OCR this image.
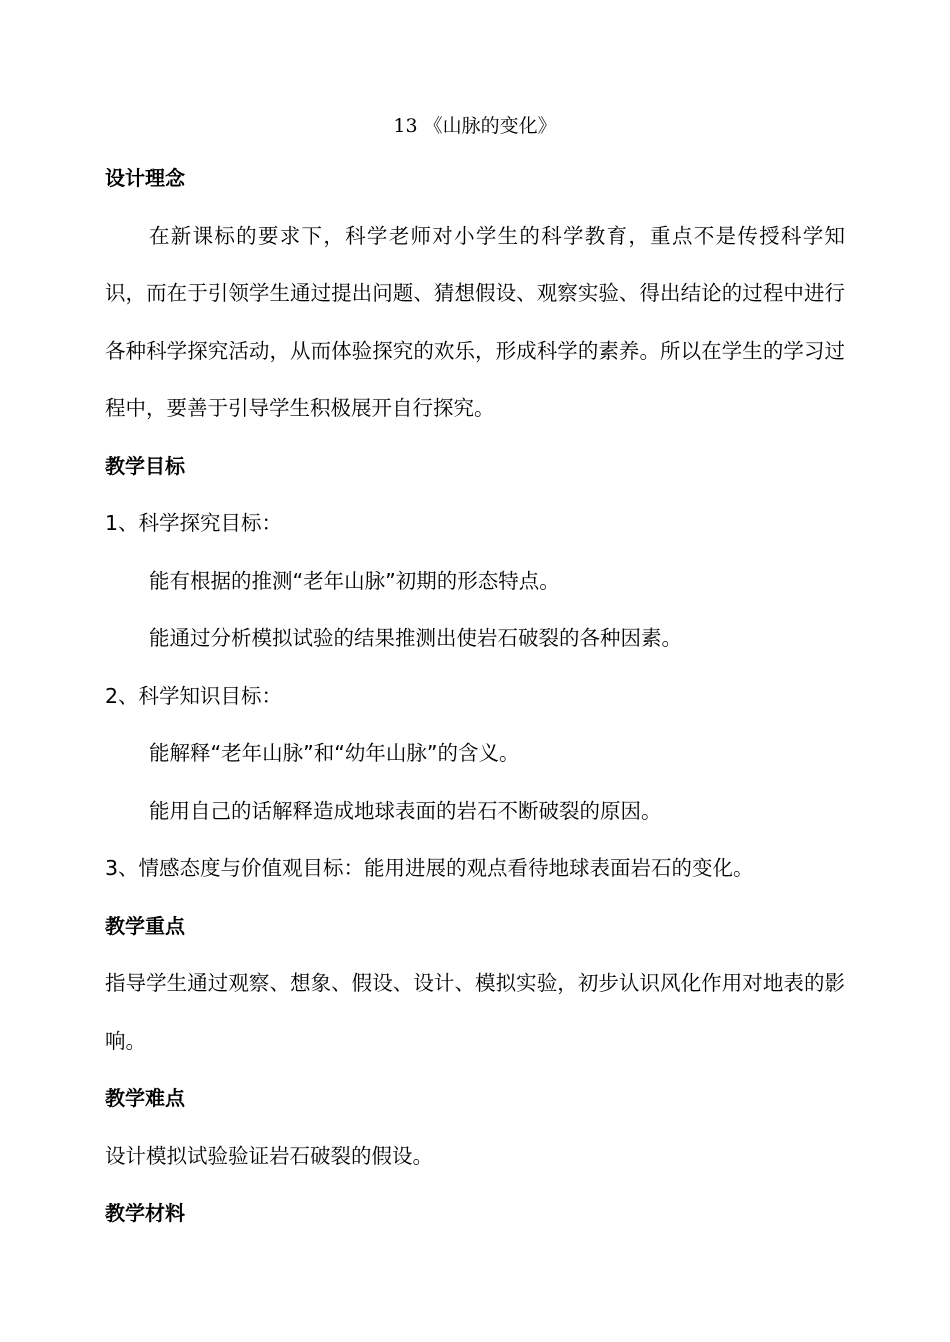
13 《山脉的变化》
设计理念

在新课标的要求下，科学老师对小学生的科学教育，重点不是传授科学知识，而在于引领学生通过提出问题、猜想假设、观察实验、得出结论的过程中进行各种科学探究活动，从而体验探究的欢乐，形成科学的素养。所以在学生的学习过程中，要善于引导学生积极展开自行探究。

教学目标
1、科学探究目标：
能有根据的推测“老年山脉”初期的形态特点。
能通过分析模拟试验的结果推测出使岩石破裂的各种因素。
2、科学知识目标：
能解释“老年山脉”和“幼年山脉”的含义。
能用自己的话解释造成地球表面的岩石不断破裂的原因。
3、情感态度与价值观目标：能用进展的观点看待地球表面岩石的变化。
教学重点

指导学生通过观察、想象、假设、设计、模拟实验，初步认识风化作用对地表的影响。

教学难点
设计模拟试验验证岩石破裂的假设。
教学材料
